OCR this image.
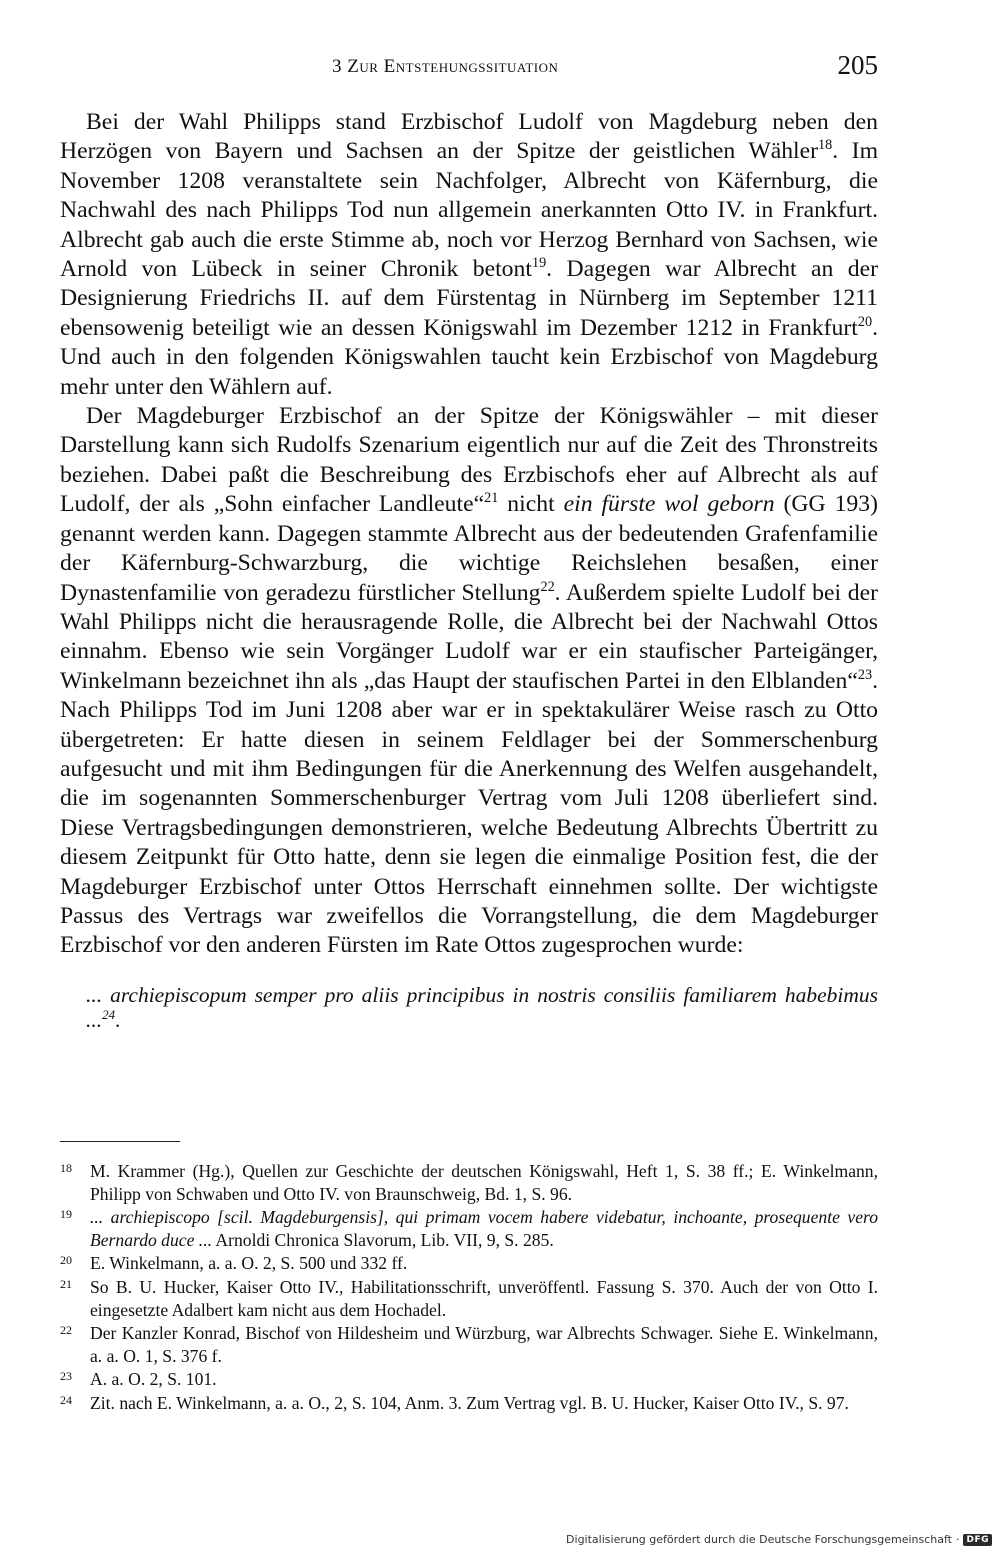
3 Zur Entstehungssituation	205

Bei der Wahl Philipps stand Erzbischof Ludolf von Magdeburg neben den Herzögen von Bayern und Sachsen an der Spitze der geistlichen Wähler$^{18}$. Im November 1208 veranstaltete sein Nachfolger, Albrecht von Käfernburg, die Nachwahl des nach Philipps Tod nun allgemein anerkannten Otto IV. in Frankfurt. Albrecht gab auch die erste Stimme ab, noch vor Herzog Bernhard von Sachsen, wie Arnold von Lübeck in seiner Chronik betont$^{19}$. Dagegen war Albrecht an der Designierung Friedrichs II. auf dem Fürstentag in Nürnberg im September 1211 ebensowenig beteiligt wie an dessen Königswahl im Dezember 1212 in Frankfurt$^{20}$. Und auch in den folgenden Königswahlen taucht kein Erzbischof von Magdeburg mehr unter den Wählern auf.

Der Magdeburger Erzbischof an der Spitze der Königswähler – mit dieser Darstellung kann sich Rudolfs Szenarium eigentlich nur auf die Zeit des Thronstreits beziehen. Dabei paßt die Beschreibung des Erzbischofs eher auf Albrecht als auf Ludolf, der als „Sohn einfacher Landleute“$^{21}$ nicht ein fürste wol geborn (GG 193) genannt werden kann. Dagegen stammte Albrecht aus der bedeutenden Grafenfamilie der Käfernburg-Schwarzburg, die wichtige Reichslehen besaßen, einer Dynastenfamilie von geradezu fürstlicher Stellung$^{22}$. Außerdem spielte Ludolf bei der Wahl Philipps nicht die herausragende Rolle, die Albrecht bei der Nachwahl Ottos einnahm. Ebenso wie sein Vorgänger Ludolf war er ein staufischer Parteigänger, Winkelmann bezeichnet ihn als „das Haupt der staufischen Partei in den Elblanden“$^{23}$. Nach Philipps Tod im Juni 1208 aber war er in spektakulärer Weise rasch zu Otto übergetreten: Er hatte diesen in seinem Feldlager bei der Sommerschenburg aufgesucht und mit ihm Bedingungen für die Anerkennung des Welfen ausgehandelt, die im sogenannten Sommerschenburger Vertrag vom Juli 1208 überliefert sind. Diese Vertragsbedingungen demonstrieren, welche Bedeutung Albrechts Übertritt zu diesem Zeitpunkt für Otto hatte, denn sie legen die einmalige Position fest, die der Magdeburger Erzbischof unter Ottos Herrschaft einnehmen sollte. Der wichtigste Passus des Vertrags war zweifellos die Vorrangstellung, die dem Magdeburger Erzbischof vor den anderen Fürsten im Rate Ottos zugesprochen wurde:

... archiepiscopum semper pro aliis principibus in nostris consiliis familiarem habebimus ...$^{24}$.

18 M. Krammer (Hg.), Quellen zur Geschichte der deutschen Königswahl, Heft 1, S. 38 ff.; E. Winkelmann, Philipp von Schwaben und Otto IV. von Braunschweig, Bd. 1, S. 96.

19 ... archiepiscopo [scil. Magdeburgensis], qui primam vocem habere videbatur, inchoante, prosequente vero Bernardo duce ... Arnoldi Chronica Slavorum, Lib. VII, 9, S. 285.

20 E. Winkelmann, a. a. O. 2, S. 500 und 332 ff.

21 So B. U. Hucker, Kaiser Otto IV., Habilitationsschrift, unveröffentl. Fassung S. 370. Auch der von Otto I. eingesetzte Adalbert kam nicht aus dem Hochadel.

22 Der Kanzler Konrad, Bischof von Hildesheim und Würzburg, war Albrechts Schwager. Siehe E. Winkelmann, a. a. O. 1, S. 376 f.

23 A. a. O. 2, S. 101.

24 Zit. nach E. Winkelmann, a. a. O., 2, S. 104, Anm. 3. Zum Vertrag vgl. B. U. Hucker, Kaiser Otto IV., S. 97.

Digitalisierung gefördert durch die Deutsche Forschungsgemeinschaft · DFG
